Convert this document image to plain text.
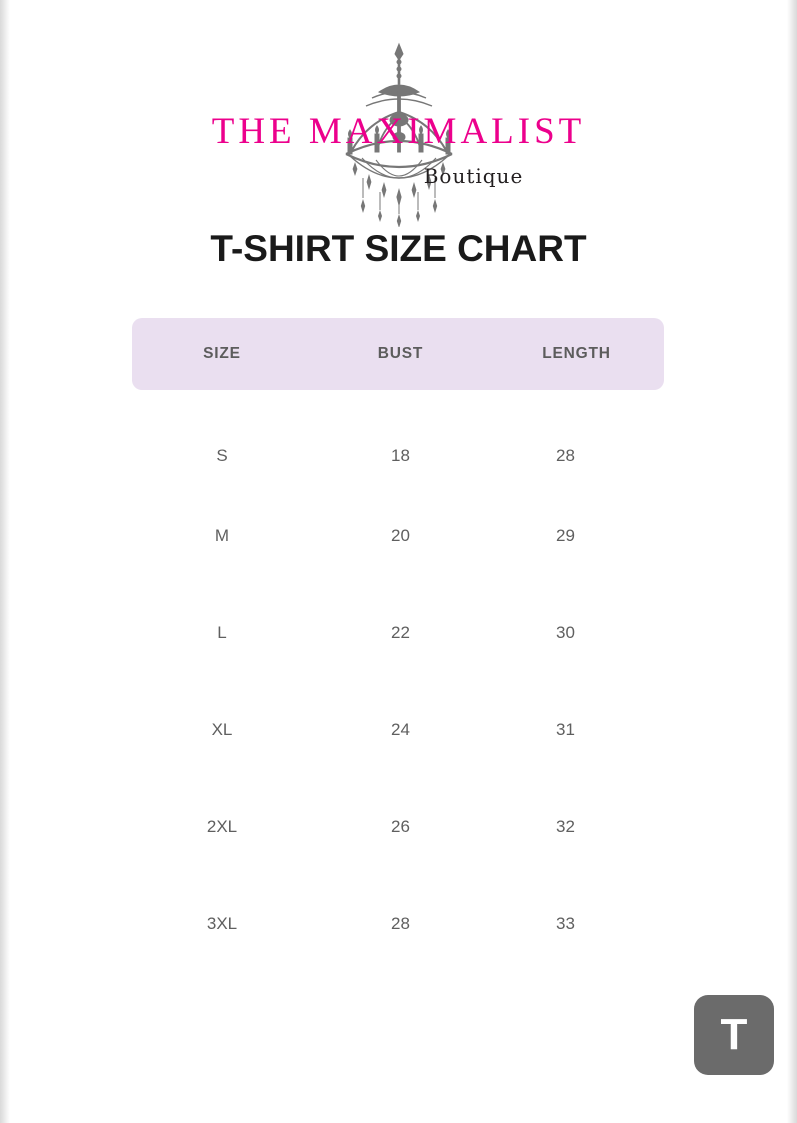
THE MAXIMALIST
Boutique
T-SHIRT SIZE CHART
SIZE	BUST	LENGTH
S	18	28
M	20	29
L	22	30
XL	24	31
2XL	26	32
3XL	28	33
T
